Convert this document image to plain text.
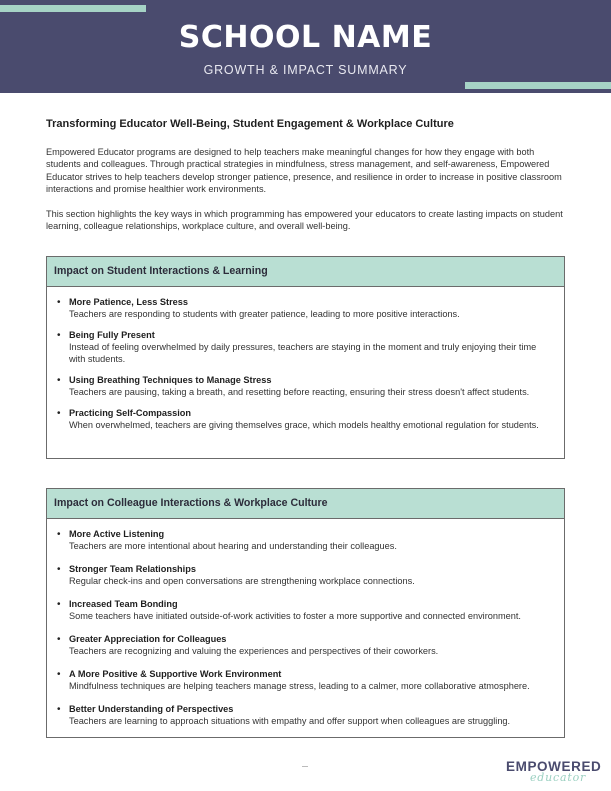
SCHOOL NAME
GROWTH & IMPACT SUMMARY
Transforming Educator Well-Being, Student Engagement & Workplace Culture

Empowered Educator programs are designed to help teachers make meaningful changes for how they engage with both students and colleagues. Through practical strategies in mindfulness, stress management, and self-awareness, Empowered Educator strives to help teachers develop stronger patience, presence, and resilience in order to increase in positive classroom interactions and promise healthier work environments.

This section highlights the key ways in which programming has empowered your educators to create lasting impacts on student learning, colleague relationships, workplace culture, and overall well-being.

Impact on Student Interactions & Learning
• More Patience, Less Stress
Teachers are responding to students with greater patience, leading to more positive interactions.
• Being Fully Present
Instead of feeling overwhelmed by daily pressures, teachers are staying in the moment and truly enjoying their time with students.
• Using Breathing Techniques to Manage Stress
Teachers are pausing, taking a breath, and resetting before reacting, ensuring their stress doesn't affect students.
• Practicing Self-Compassion
When overwhelmed, teachers are giving themselves grace, which models healthy emotional regulation for students.
Impact on Colleague Interactions & Workplace Culture
• More Active Listening
Teachers are more intentional about hearing and understanding their colleagues.
• Stronger Team Relationships
Regular check-ins and open conversations are strengthening workplace connections.
• Increased Team Bonding
Some teachers have initiated outside-of-work activities to foster a more supportive and connected environment.
• Greater Appreciation for Colleagues
Teachers are recognizing and valuing the experiences and perspectives of their coworkers.
• A More Positive & Supportive Work Environment
Mindfulness techniques are helping teachers manage stress, leading to a calmer, more collaborative atmosphere.
• Better Understanding of Perspectives
Teachers are learning to approach situations with empathy and offer support when colleagues are struggling.
EMPOWERED
educator
